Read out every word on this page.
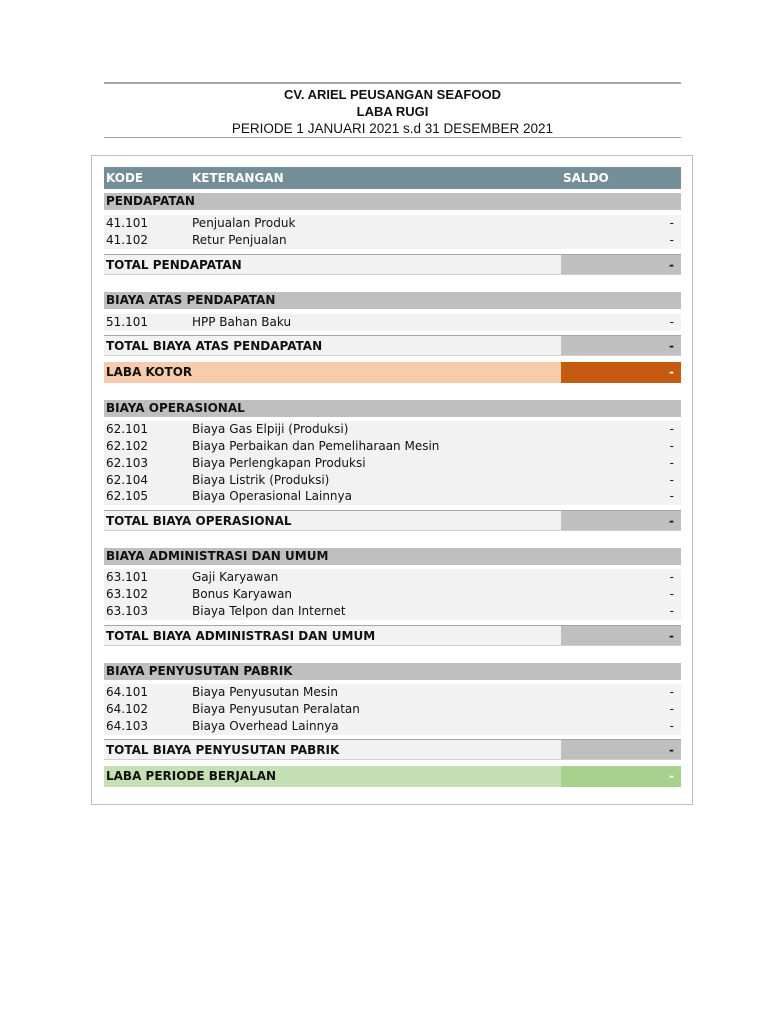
CV. ARIEL PEUSANGAN SEAFOOD
LABA RUGI
PERIODE 1 JANUARI 2021 s.d 31 DESEMBER 2021
KODE	KETERANGAN	SALDO
PENDAPATAN
41.101	Penjualan Produk	-
41.102	Retur Penjualan	-
TOTAL PENDAPATAN	-
BIAYA ATAS PENDAPATAN
51.101	HPP Bahan Baku	-
TOTAL BIAYA ATAS PENDAPATAN	-
LABA KOTOR	-
BIAYA OPERASIONAL
62.101	Biaya Gas Elpiji (Produksi)	-
62.102	Biaya Perbaikan dan Pemeliharaan Mesin	-
62.103	Biaya Perlengkapan Produksi	-
62.104	Biaya Listrik (Produksi)	-
62.105	Biaya Operasional Lainnya	-
TOTAL BIAYA OPERASIONAL	-
BIAYA ADMINISTRASI DAN UMUM
63.101	Gaji Karyawan	-
63.102	Bonus Karyawan	-
63.103	Biaya Telpon dan Internet	-
TOTAL BIAYA ADMINISTRASI DAN UMUM	-
BIAYA PENYUSUTAN PABRIK
64.101	Biaya Penyusutan Mesin	-
64.102	Biaya Penyusutan Peralatan	-
64.103	Biaya Overhead Lainnya	-
TOTAL BIAYA PENYUSUTAN PABRIK	-
LABA PERIODE BERJALAN	-
